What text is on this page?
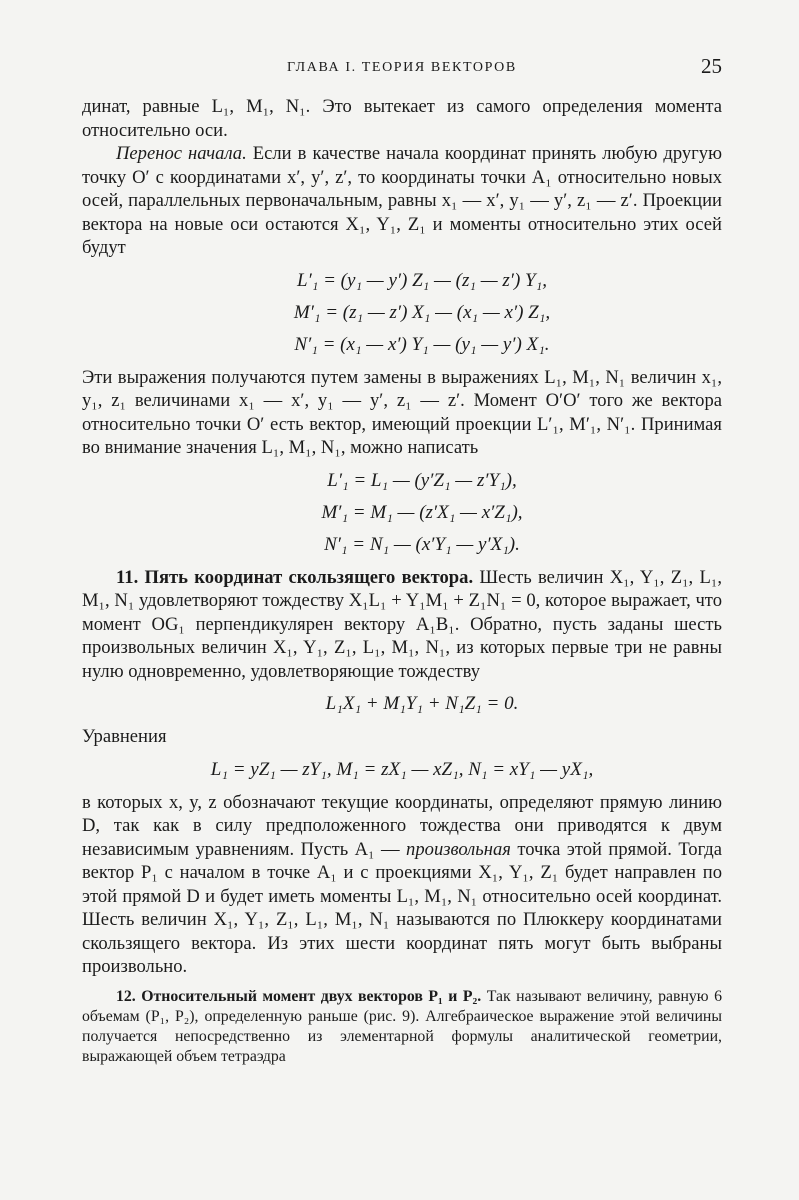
ГЛАВА I. ТЕОРИЯ ВЕКТОРОВ	25

динат, равные L₁, M₁, N₁. Это вытекает из самого определения момента относительно оси.

Перенос начала. Если в качестве начала координат принять любую другую точку O′ с координатами x′, y′, z′, то координаты точки A₁ относительно новых осей, параллельных первоначальным, равны x₁ — x′, y₁ — y′, z₁ — z′. Проекции вектора на новые оси остаются X₁, Y₁, Z₁ и моменты относительно этих осей будут

L′₁ = (y₁ — y′) Z₁ — (z₁ — z′) Y₁,
M′₁ = (z₁ — z′) X₁ — (x₁ — x′) Z₁,
N′₁ = (x₁ — x′) Y₁ — (y₁ — y′) X₁.

Эти выражения получаются путем замены в выражениях L₁, M₁, N₁ величин x₁, y₁, z₁ величинами x₁ — x′, y₁ — y′, z₁ — z′. Момент O′O′ того же вектора относительно точки O′ есть вектор, имеющий проекции L′₁, M′₁, N′₁. Принимая во внимание значения L₁, M₁, N₁, можно написать

L′₁ = L₁ — (y′Z₁ — z′Y₁),
M′₁ = M₁ — (z′X₁ — x′Z₁),
N′₁ = N₁ — (x′Y₁ — y′X₁).

11. Пять координат скользящего вектора. Шесть величин X₁, Y₁, Z₁, L₁, M₁, N₁ удовлетворяют тождеству X₁L₁ + Y₁M₁ + Z₁N₁ = 0, которое выражает, что момент OG₁ перпендикулярен вектору A₁B₁. Обратно, пусть заданы шесть произвольных величин X₁, Y₁, Z₁, L₁, M₁, N₁, из которых первые три не равны нулю одновременно, удовлетворяющие тождеству

L₁X₁ + M₁Y₁ + N₁Z₁ = 0.

Уравнения

L₁ = yZ₁ — zY₁, M₁ = zX₁ — xZ₁, N₁ = xY₁ — yX₁,

в которых x, y, z обозначают текущие координаты, определяют прямую линию D, так как в силу предположенного тождества они приводятся к двум независимым уравнениям. Пусть A₁ — произвольная точка этой прямой. Тогда вектор P₁ с началом в точке A₁ и с проекциями X₁, Y₁, Z₁ будет направлен по этой прямой D и будет иметь моменты L₁, M₁, N₁ относительно осей координат. Шесть величин X₁, Y₁, Z₁, L₁, M₁, N₁ называются по Плюккеру координатами скользящего вектора. Из этих шести координат пять могут быть выбраны произвольно.

12. Относительный момент двух векторов P₁ и P₂. Так называют величину, равную 6 объемам (P₁, P₂), определенную раньше (рис. 9). Алгебраическое выражение этой величины получается непосредственно из элементарной формулы аналитической геометрии, выражающей объем тетраэдра
